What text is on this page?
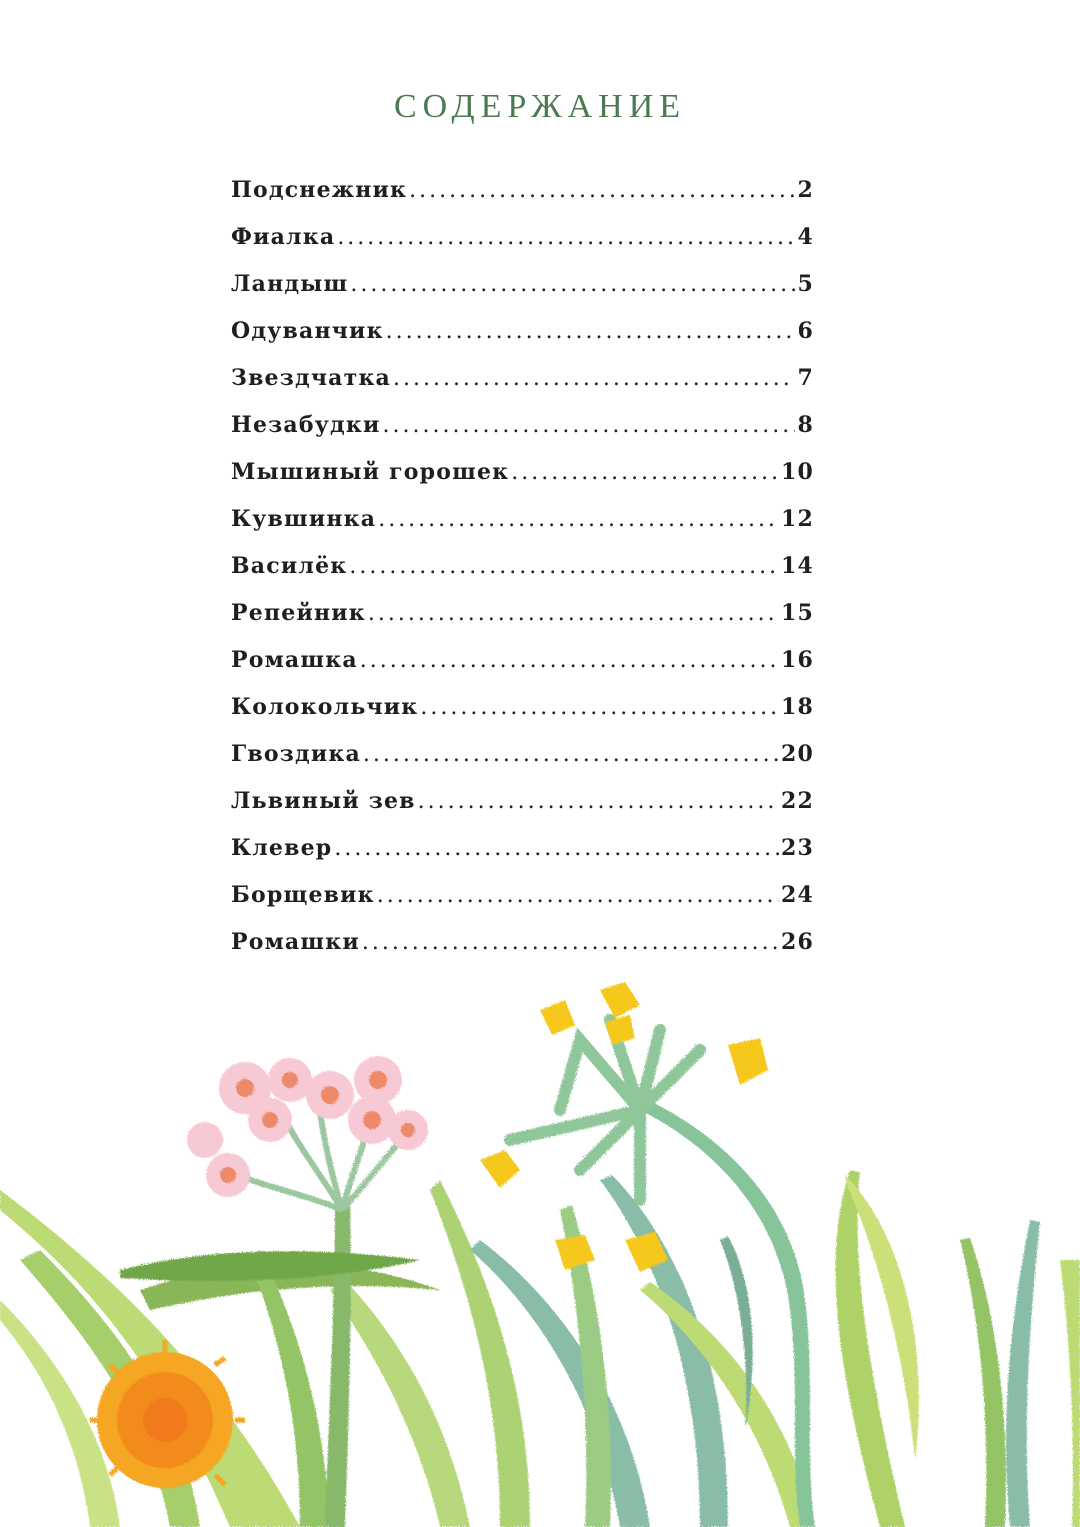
СОДЕРЖАНИЕ
Подснежник .....	2
Фиалка .....	4
Ландыш .....	5
Одуванчик .....	6
Звездчатка .....	7
Незабудки .....	8
Мышиный горошек .....	10
Кувшинка .....	12
Василёк .....	14
Репейник .....	15
Ромашка .....	16
Колокольчик .....	18
Гвоздика .....	20
Львиный зев .....	22
Клевер .....	23
Борщевик .....	24
Ромашки .....	26
